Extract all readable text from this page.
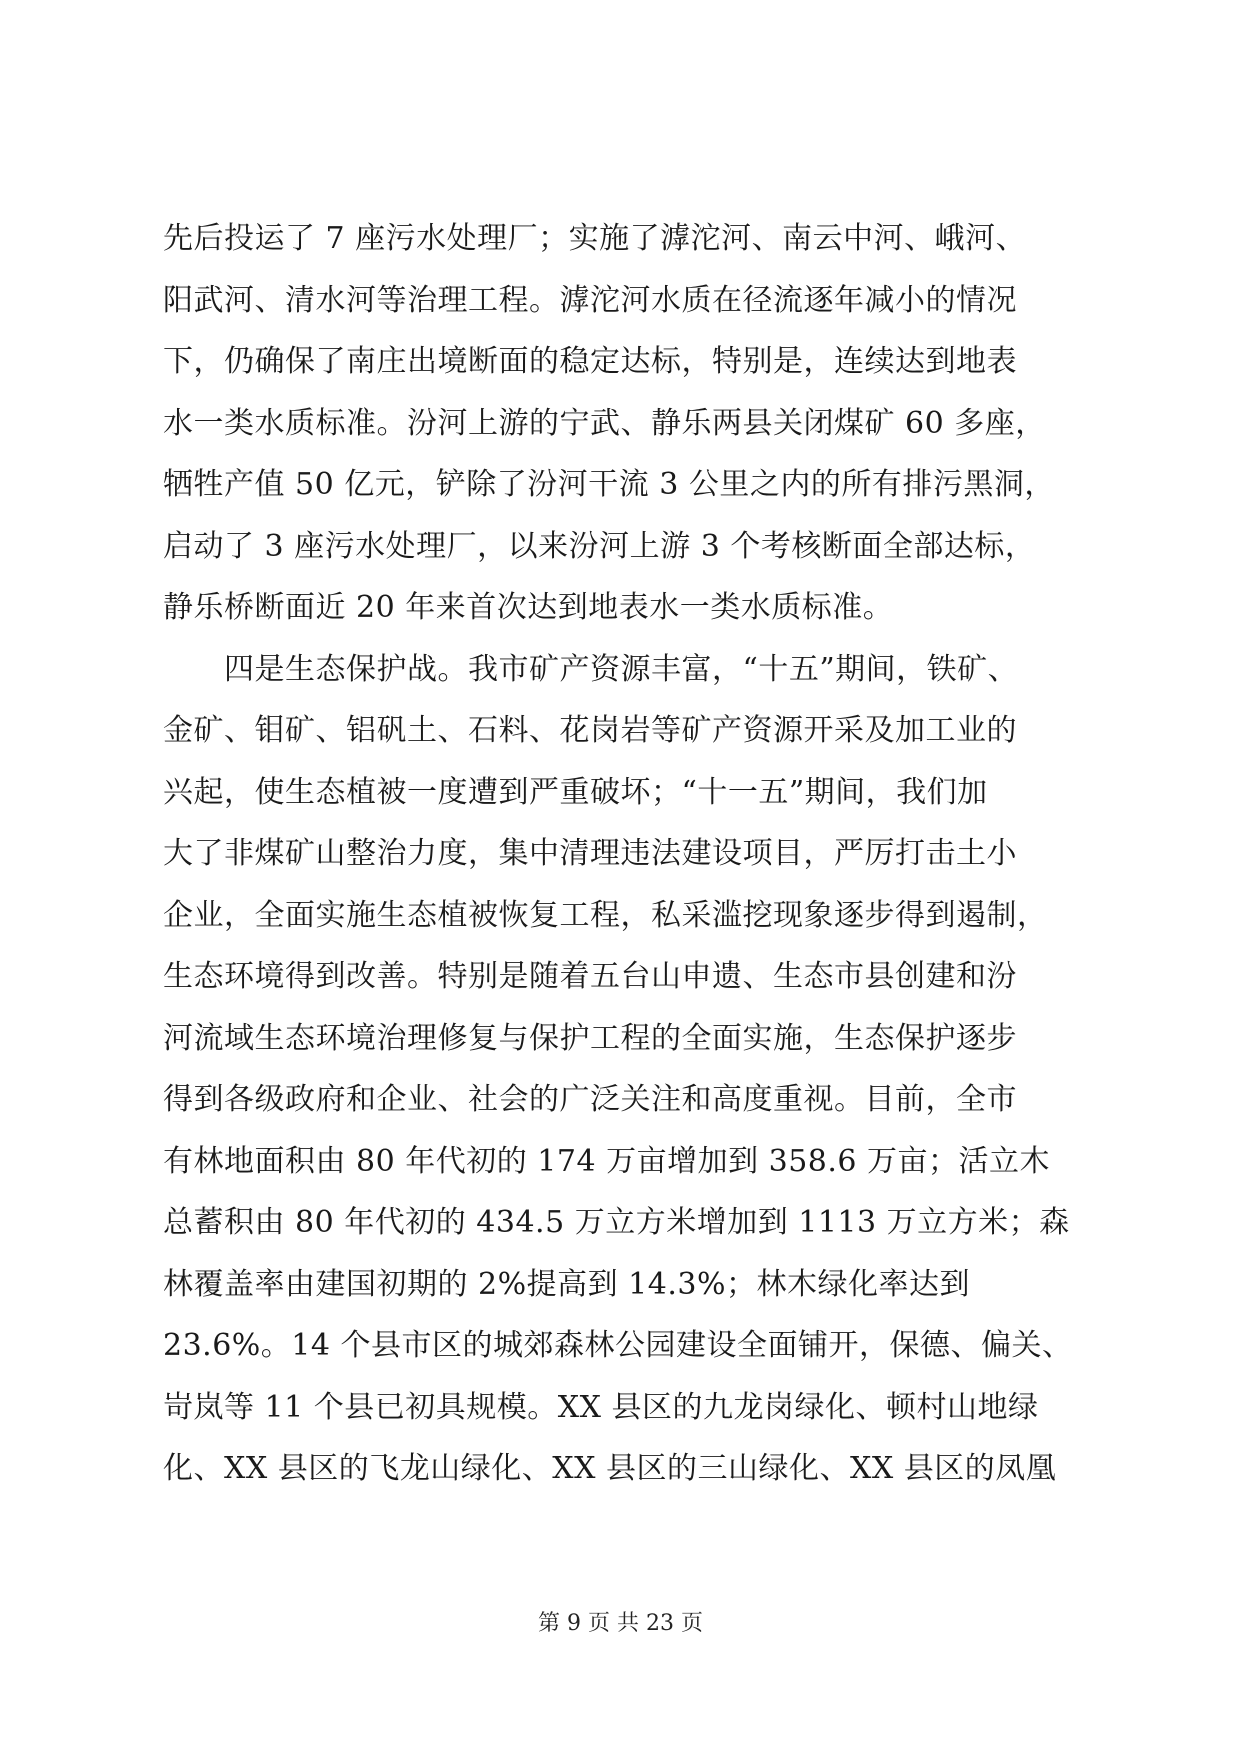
先后投运了 7 座污水处理厂；实施了滹沱河、南云中河、峨河、
阳武河、清水河等治理工程。滹沱河水质在径流逐年减小的情况
下，仍确保了南庄出境断面的稳定达标，特别是，连续达到地表
水一类水质标准。汾河上游的宁武、静乐两县关闭煤矿 60 多座，
牺牲产值 50 亿元，铲除了汾河干流 3 公里之内的所有排污黑洞，
启动了 3 座污水处理厂，以来汾河上游 3 个考核断面全部达标，
静乐桥断面近 20 年来首次达到地表水一类水质标准。
　　四是生态保护战。我市矿产资源丰富，“十五”期间，铁矿、
金矿、钼矿、铝矾土、石料、花岗岩等矿产资源开采及加工业的
兴起，使生态植被一度遭到严重破坏；“十一五”期间，我们加
大了非煤矿山整治力度，集中清理违法建设项目，严厉打击土小
企业，全面实施生态植被恢复工程，私采滥挖现象逐步得到遏制，
生态环境得到改善。特别是随着五台山申遗、生态市县创建和汾
河流域生态环境治理修复与保护工程的全面实施，生态保护逐步
得到各级政府和企业、社会的广泛关注和高度重视。目前，全市
有林地面积由 80 年代初的 174 万亩增加到 358.6 万亩；活立木
总蓄积由 80 年代初的 434.5 万立方米增加到 1113 万立方米；森
林覆盖率由建国初期的 2%提高到 14.3%；林木绿化率达到
23.6%。14 个县市区的城郊森林公园建设全面铺开，保德、偏关、
岢岚等 11 个县已初具规模。XX 县区的九龙岗绿化、顿村山地绿
化、XX 县区的飞龙山绿化、XX 县区的三山绿化、XX 县区的凤凰
第 9 页 共 23 页
